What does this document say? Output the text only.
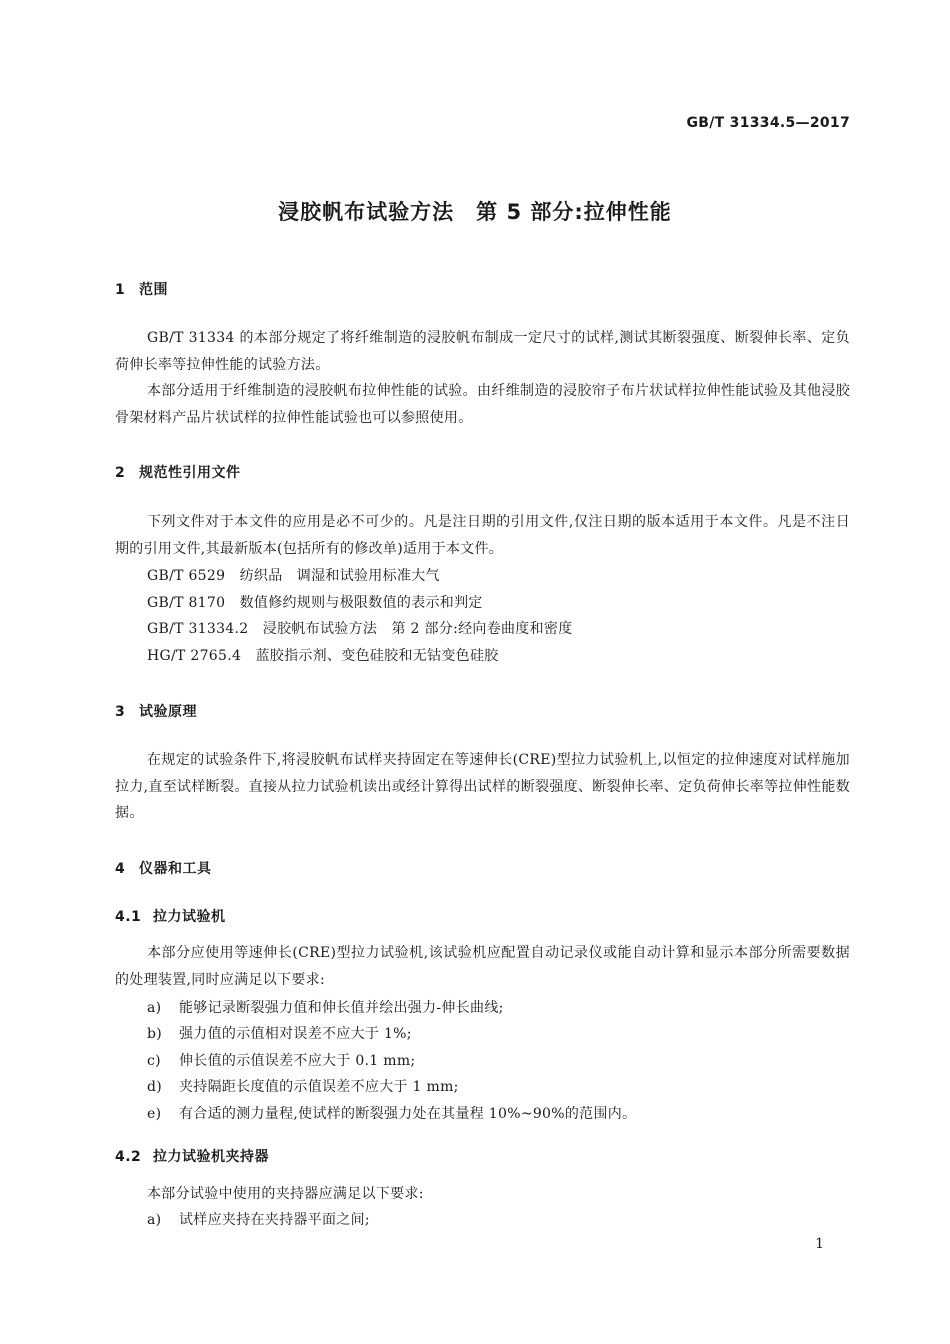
GB/T 31334.5—2017
浸胶帆布试验方法　第 5 部分:拉伸性能
1 范围

GB/T 31334 的本部分规定了将纤维制造的浸胶帆布制成一定尺寸的试样,测试其断裂强度、断裂伸长率、定负荷伸长率等拉伸性能的试验方法。

本部分适用于纤维制造的浸胶帆布拉伸性能的试验。由纤维制造的浸胶帘子布片状试样拉伸性能试验及其他浸胶骨架材料产品片状试样的拉伸性能试验也可以参照使用。

2 规范性引用文件

下列文件对于本文件的应用是必不可少的。凡是注日期的引用文件,仅注日期的版本适用于本文件。凡是不注日期的引用文件,其最新版本(包括所有的修改单)适用于本文件。

GB/T 6529　纺织品　调湿和试验用标准大气
GB/T 8170　数值修约规则与极限数值的表示和判定
GB/T 31334.2　浸胶帆布试验方法　第 2 部分:经向卷曲度和密度
HG/T 2765.4　蓝胶指示剂、变色硅胶和无钴变色硅胶
3 试验原理

在规定的试验条件下,将浸胶帆布试样夹持固定在等速伸长(CRE)型拉力试验机上,以恒定的拉伸速度对试样施加拉力,直至试样断裂。直接从拉力试验机读出或经计算得出试样的断裂强度、断裂伸长率、定负荷伸长率等拉伸性能数据。

4 仪器和工具
4.1 拉力试验机

本部分应使用等速伸长(CRE)型拉力试验机,该试验机应配置自动记录仪或能自动计算和显示本部分所需要数据的处理装置,同时应满足以下要求:

a) 能够记录断裂强力值和伸长值并绘出强力-伸长曲线;
b) 强力值的示值相对误差不应大于 1%;
c) 伸长值的示值误差不应大于 0.1 mm;
d) 夹持隔距长度值的示值误差不应大于 1 mm;
e) 有合适的测力量程,使试样的断裂强力处在其量程 10%~90%的范围内。
4.2 拉力试验机夹持器

本部分试验中使用的夹持器应满足以下要求:

a) 试样应夹持在夹持器平面之间;
1
